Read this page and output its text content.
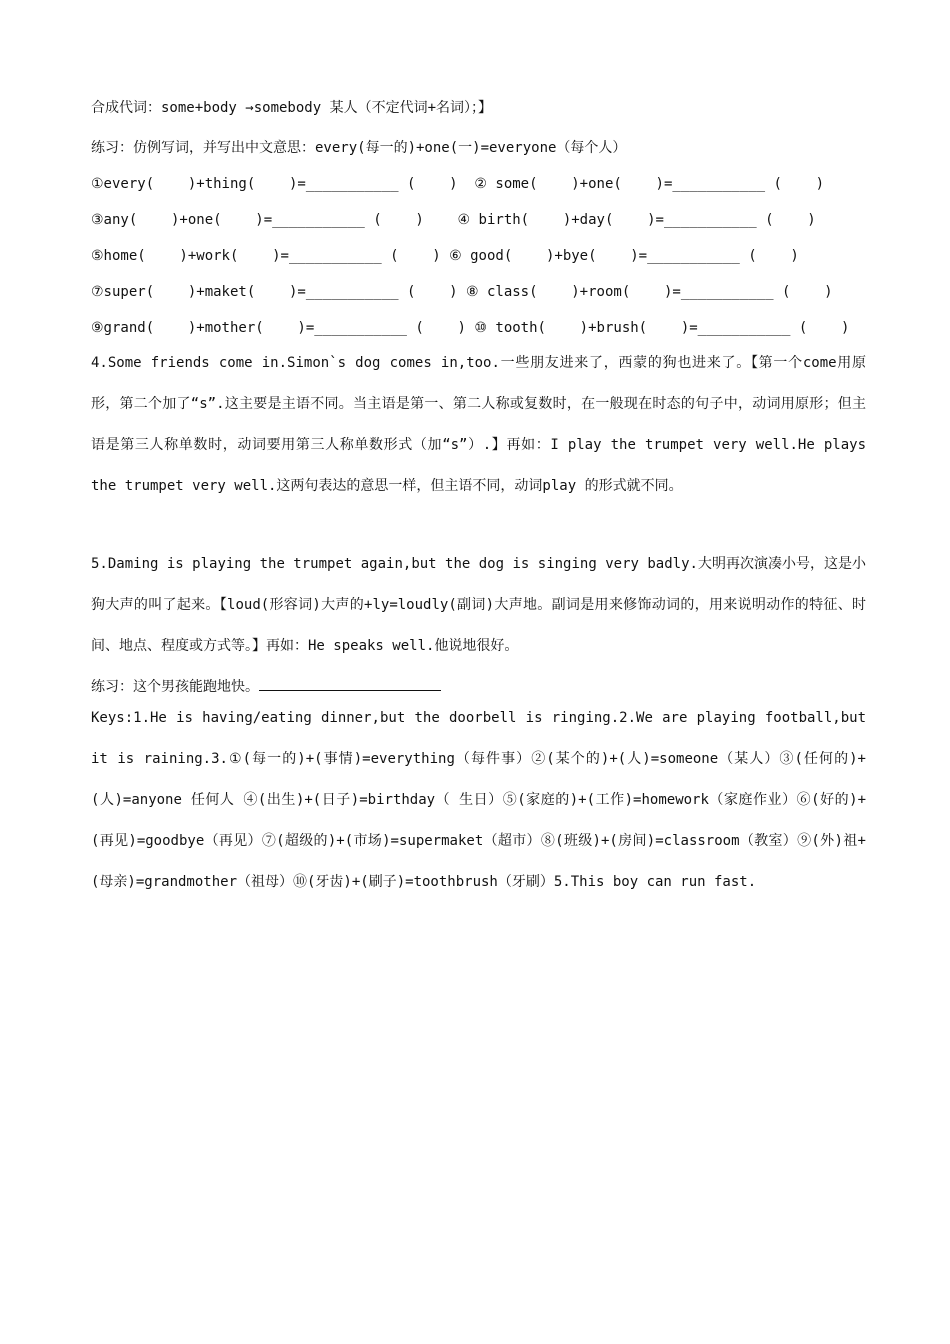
合成代词：some+body →somebody 某人（不定代词+名词）；】
练习：仿例写词，并写出中文意思：every(每一的)+one(一)=everyone（每个人）
①every(    )+thing(    )=___________ (    )  ② some(    )+one(    )=___________ (    )
③any(    )+one(    )=___________ (    )    ④ birth(    )+day(    )=___________ (    )
⑤home(    )+work(    )=___________ (    ) ⑥ good(    )+bye(    )=___________ (    )
⑦super(    )+maket(    )=___________ (    ) ⑧ class(    )+room(    )=___________ (    )
⑨grand(    )+mother(    )=___________ (    ) ⑩ tooth(    )+brush(    )=___________ (    )
4.Some friends come in.Simon`s dog comes in,too.一些朋友进来了，西蒙的狗也进来了。【第一个come用原形，第二个加了“s”.这主要是主语不同。当主语是第一、第二人称或复数时，在一般现在时态的句子中，动词用原形；但主语是第三人称单数时，动词要用第三人称单数形式（加“s”）.】再如：I play the trumpet very well.He plays the trumpet very well.这两句表达的意思一样，但主语不同，动词play 的形式就不同。
5.Daming is playing the trumpet again,but the dog is singing very badly.大明再次演凑小号，这是小狗大声的叫了起来。【loud(形容词)大声的+ly=loudly(副词)大声地。副词是用来修饰动词的，用来说明动作的特征、时间、地点、程度或方式等。】再如：He speaks well.他说地很好。
练习：这个男孩能跑地快。
Keys:1.He is having/eating dinner,but the doorbell is ringing.2.We are playing football,but it is raining.3.①(每一的)+(事情)=everything（每件事）②(某个的)+(人)=someone（某人）③(任何的)+(人)=anyone 任何人 ④(出生)+(日子)=birthday（ 生日）⑤(家庭的)+(工作)=homework（家庭作业）⑥(好的)+(再见)=goodbye（再见）⑦(超级的)+(市场)=supermaket（超市）⑧(班级)+(房间)=classroom（教室）⑨(外)祖+(母亲)=grandmother（祖母）⑩(牙齿)+(刷子)=toothbrush（牙刷）5.This boy can run fast.
